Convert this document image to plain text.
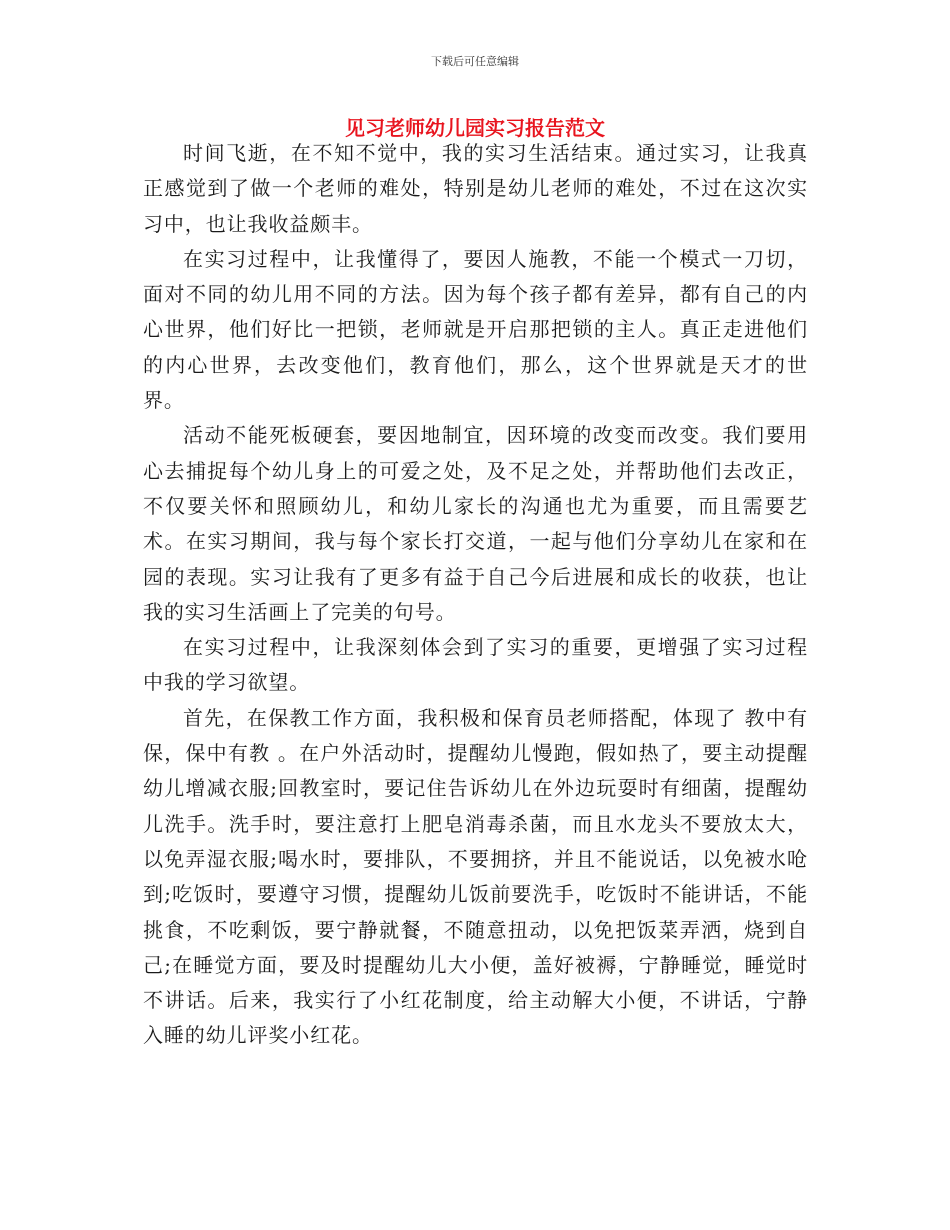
下载后可任意编辑
见习老师幼儿园实习报告范文

时间飞逝，在不知不觉中，我的实习生活结束。通过实习，让我真正感觉到了做一个老师的难处，特别是幼儿老师的难处，不过在这次实习中，也让我收益颇丰。

在实习过程中，让我懂得了，要因人施教，不能一个模式一刀切，面对不同的幼儿用不同的方法。因为每个孩子都有差异，都有自己的内心世界，他们好比一把锁，老师就是开启那把锁的主人。真正走进他们的内心世界，去改变他们，教育他们，那么，这个世界就是天才的世界。

活动不能死板硬套，要因地制宜，因环境的改变而改变。我们要用心去捕捉每个幼儿身上的可爱之处，及不足之处，并帮助他们去改正，不仅要关怀和照顾幼儿，和幼儿家长的沟通也尤为重要，而且需要艺术。在实习期间，我与每个家长打交道，一起与他们分享幼儿在家和在园的表现。实习让我有了更多有益于自己今后进展和成长的收获，也让我的实习生活画上了完美的句号。

在实习过程中，让我深刻体会到了实习的重要，更增强了实习过程中我的学习欲望。

首先，在保教工作方面，我积极和保育员老师搭配，体现了 教中有保，保中有教 。在户外活动时，提醒幼儿慢跑，假如热了，要主动提醒幼儿增减衣服;回教室时，要记住告诉幼儿在外边玩耍时有细菌，提醒幼儿洗手。洗手时，要注意打上肥皂消毒杀菌，而且水龙头不要放太大，以免弄湿衣服;喝水时，要排队，不要拥挤，并且不能说话，以免被水呛到;吃饭时，要遵守习惯，提醒幼儿饭前要洗手，吃饭时不能讲话，不能挑食，不吃剩饭，要宁静就餐，不随意扭动，以免把饭菜弄洒，烧到自己;在睡觉方面，要及时提醒幼儿大小便，盖好被褥，宁静睡觉，睡觉时不讲话。后来，我实行了小红花制度，给主动解大小便，不讲话，宁静入睡的幼儿评奖小红花。
